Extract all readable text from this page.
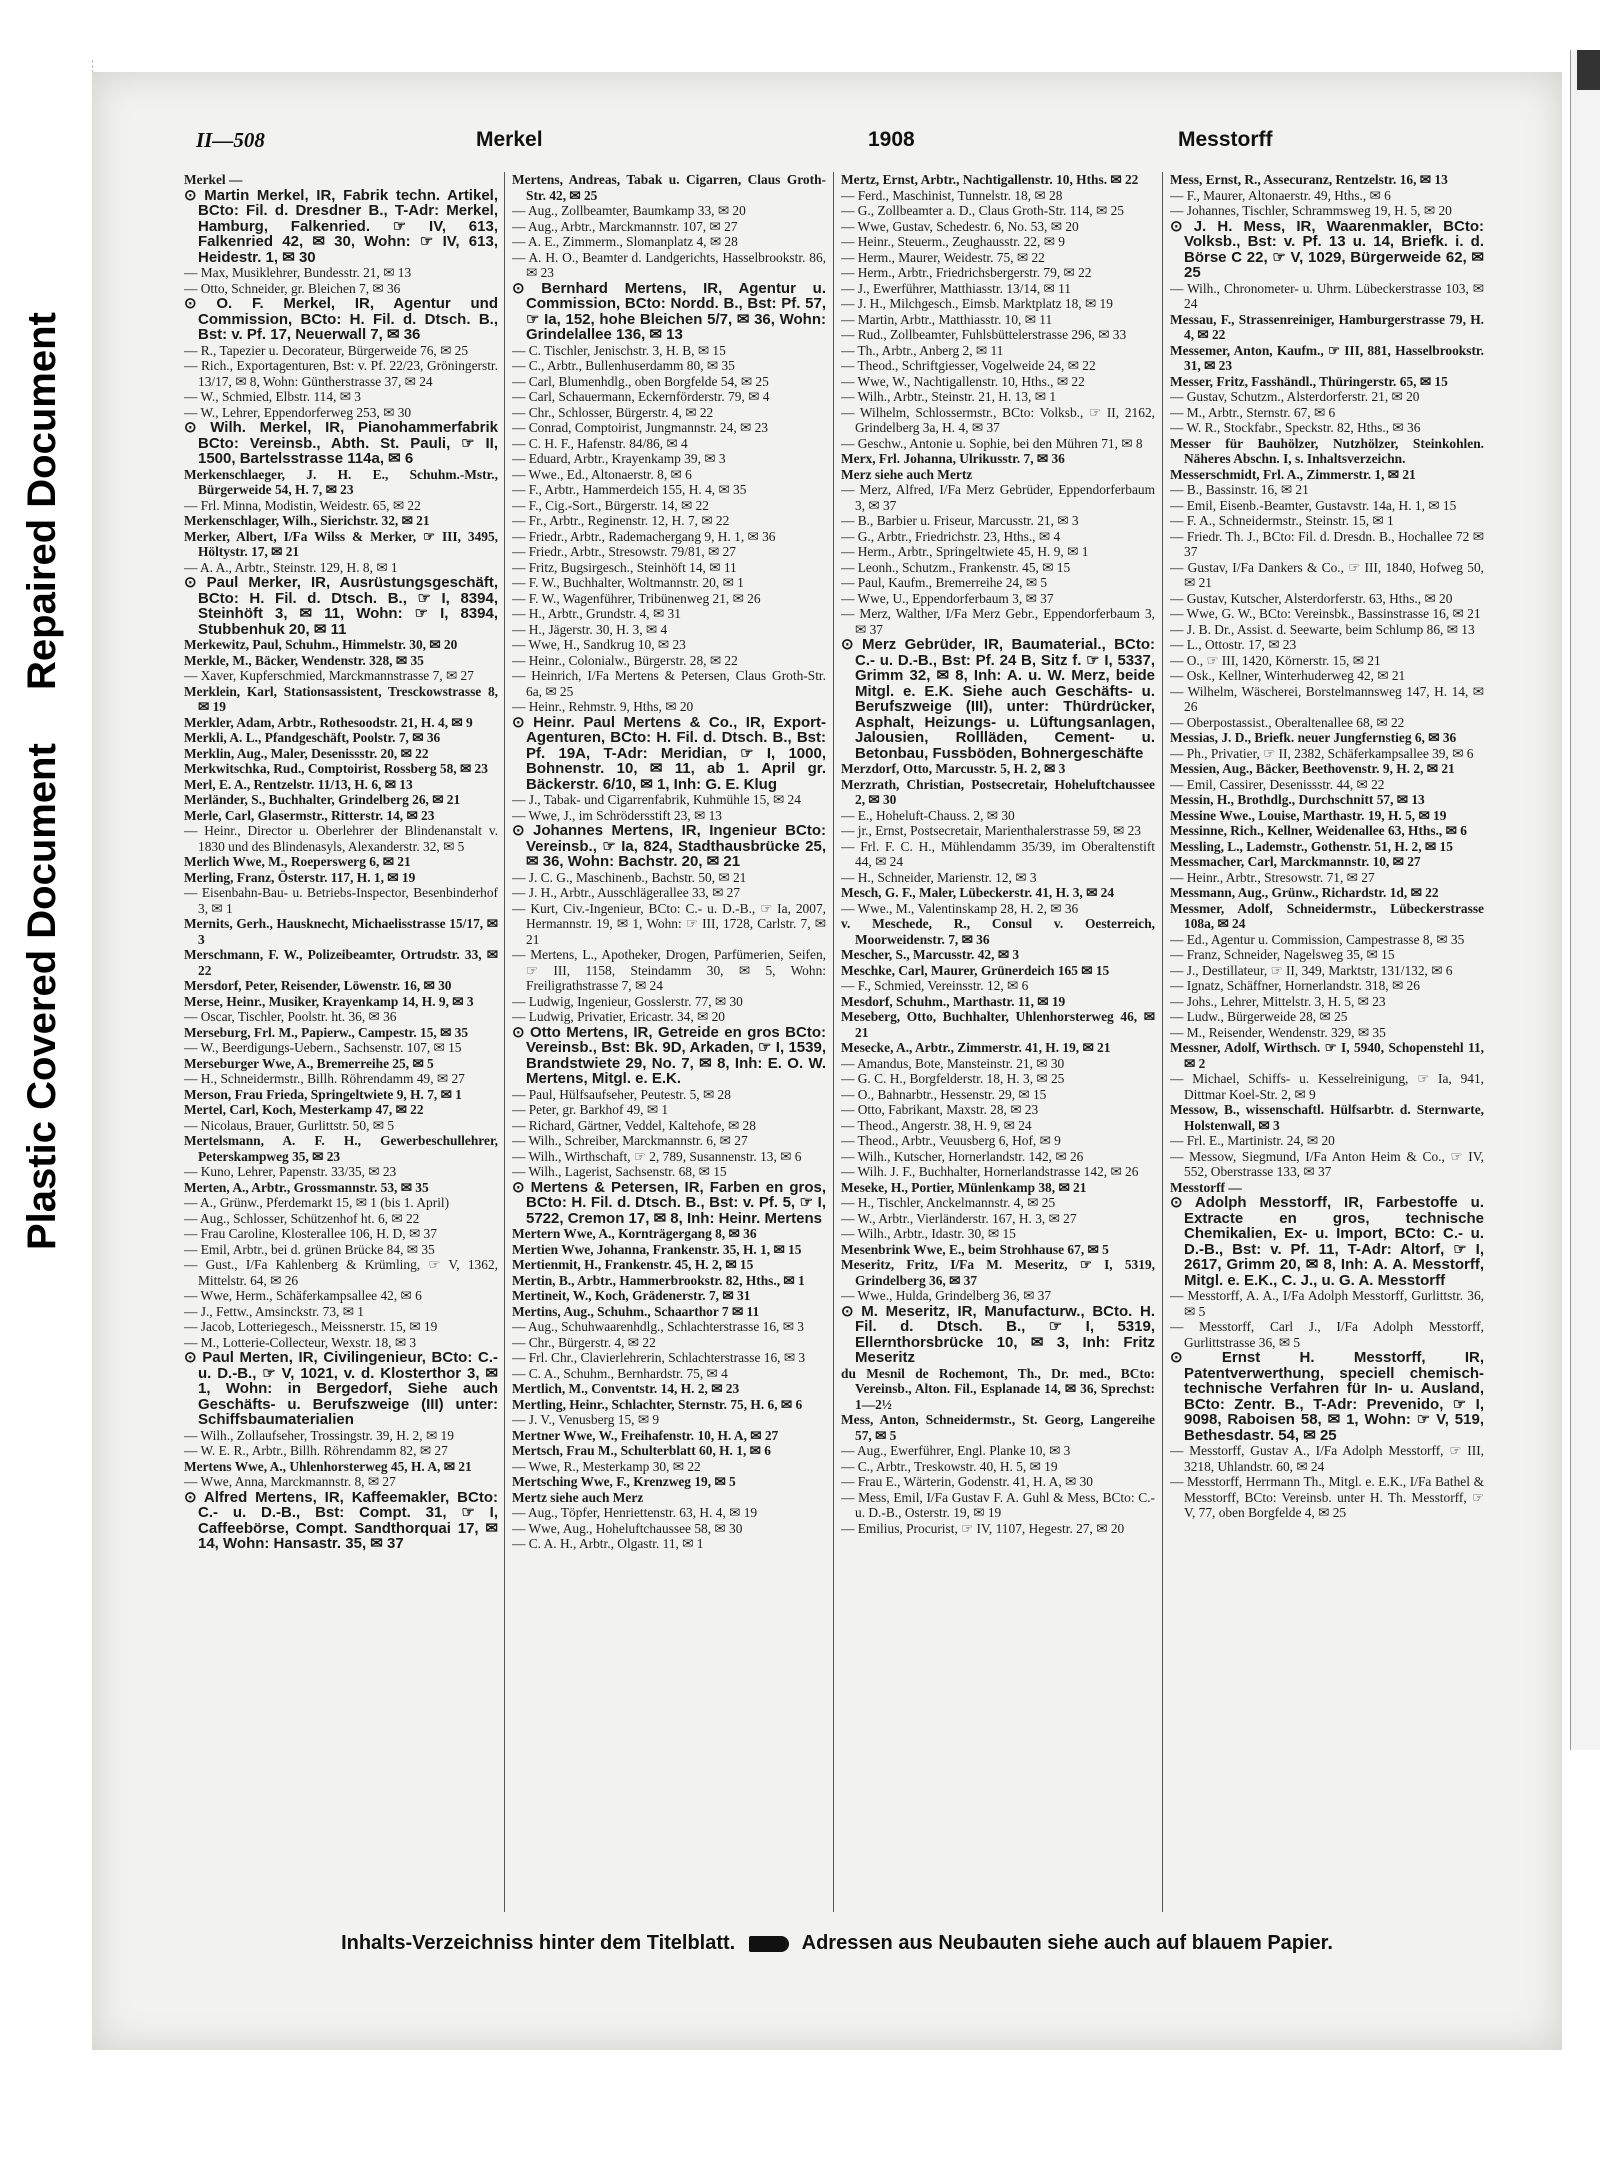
Repaired Document
Plastic Covered Document
II—508	Merkel	1908	Messtorff

Merkel —

⊙ Martin Merkel, IR, Fabrik techn. Artikel, BCto: Fil. d. Dresdner B., T-Adr: Merkel, Hamburg, Falkenried. ☞ IV, 613, Falkenried 42, ✉ 30, Wohn: ☞ IV, 613, Heidestr. 1, ✉ 30

— Max, Musiklehrer, Bundesstr. 21, ✉ 13

— Otto, Schneider, gr. Bleichen 7, ✉ 36

⊙ O. F. Merkel, IR, Agentur und Commission, BCto: H. Fil. d. Dtsch. B., Bst: v. Pf. 17, Neuerwall 7, ✉ 36

— R., Tapezier u. Decorateur, Bürgerweide 76, ✉ 25

— Rich., Exportagenturen, Bst: v. Pf. 22/23, Gröningerstr. 13/17, ✉ 8, Wohn: Güntherstrasse 37, ✉ 24

— W., Schmied, Elbstr. 114, ✉ 3

— W., Lehrer, Eppendorferweg 253, ✉ 30

⊙ Wilh. Merkel, IR, Pianohammerfabrik BCto: Vereinsb., Abth. St. Pauli, ☞ II, 1500, Bartelsstrasse 114a, ✉ 6

Merkenschlaeger, J. H. E., Schuhm.-Mstr., Bürgerweide 54, H. 7, ✉ 23

— Frl. Minna, Modistin, Weidestr. 65, ✉ 22

Merkenschlager, Wilh., Sierichstr. 32, ✉ 21

Merker, Albert, I/Fa Wilss & Merker, ☞ III, 3495, Höltystr. 17, ✉ 21

— A. A., Arbtr., Steinstr. 129, H. 8, ✉ 1

⊙ Paul Merker, IR, Ausrüstungsgeschäft, BCto: H. Fil. d. Dtsch. B., ☞ I, 8394, Steinhöft 3, ✉ 11, Wohn: ☞ I, 8394, Stubbenhuk 20, ✉ 11

Merkewitz, Paul, Schuhm., Himmelstr. 30, ✉ 20

Merkle, M., Bäcker, Wendenstr. 328, ✉ 35

— Xaver, Kupferschmied, Marckmannstrasse 7, ✉ 27

Merklein, Karl, Stationsassistent, Tresckowstrasse 8, ✉ 19

Merkler, Adam, Arbtr., Rothesoodstr. 21, H. 4, ✉ 9

Merkli, A. L., Pfandgeschäft, Poolstr. 7, ✉ 36

Merklin, Aug., Maler, Desenissstr. 20, ✉ 22

Merkwitschka, Rud., Comptoirist, Rossberg 58, ✉ 23

Merl, E. A., Rentzelstr. 11/13, H. 6, ✉ 13

Merländer, S., Buchhalter, Grindelberg 26, ✉ 21

Merle, Carl, Glasermstr., Ritterstr. 14, ✉ 23

— Heinr., Director u. Oberlehrer der Blindenanstalt v. 1830 und des Blindenasyls, Alexanderstr. 32, ✉ 5

Merlich Wwe, M., Roeperswerg 6, ✉ 21

Merling, Franz, Österstr. 117, H. 1, ✉ 19

— Eisenbahn-Bau- u. Betriebs-Inspector, Besenbinderhof 3, ✉ 1

Mernits, Gerh., Hausknecht, Michaelisstrasse 15/17, ✉ 3

Merschmann, F. W., Polizeibeamter, Ortrudstr. 33, ✉ 22

Mersdorf, Peter, Reisender, Löwenstr. 16, ✉ 30

Merse, Heinr., Musiker, Krayenkamp 14, H. 9, ✉ 3

— Oscar, Tischler, Poolstr. ht. 36, ✉ 36

Merseburg, Frl. M., Papierw., Campestr. 15, ✉ 35

— W., Beerdigungs-Uebern., Sachsenstr. 107, ✉ 15

Merseburger Wwe, A., Bremerreihe 25, ✉ 5

— H., Schneidermstr., Billh. Röhrendamm 49, ✉ 27

Merson, Frau Frieda, Springeltwiete 9, H. 7, ✉ 1

Mertel, Carl, Koch, Mesterkamp 47, ✉ 22

— Nicolaus, Brauer, Gurlittstr. 50, ✉ 5

Mertelsmann, A. F. H., Gewerbeschullehrer, Peterskampweg 35, ✉ 23

— Kuno, Lehrer, Papenstr. 33/35, ✉ 23

Merten, A., Arbtr., Grossmannstr. 53, ✉ 35

— A., Grünw., Pferdemarkt 15, ✉ 1 (bis 1. April)

— Aug., Schlosser, Schützenhof ht. 6, ✉ 22

— Frau Caroline, Klosterallee 106, H. D, ✉ 37

— Emil, Arbtr., bei d. grünen Brücke 84, ✉ 35

— Gust., I/Fa Kahlenberg & Krümling, ☞ V, 1362, Mittelstr. 64, ✉ 26

— Wwe, Herm., Schäferkampsallee 42, ✉ 6

— J., Fettw., Amsinckstr. 73, ✉ 1

— Jacob, Lotteriegesch., Meissnerstr. 15, ✉ 19

— M., Lotterie-Collecteur, Wexstr. 18, ✉ 3

⊙ Paul Merten, IR, Civilingenieur, BCto: C.- u. D.-B., ☞ V, 1021, v. d. Klosterthor 3, ✉ 1, Wohn: in Bergedorf, Siehe auch Geschäfts- u. Berufszweige (III) unter: Schiffsbaumaterialien

— Wilh., Zollaufseher, Trossingstr. 39, H. 2, ✉ 19

— W. E. R., Arbtr., Billh. Röhrendamm 82, ✉ 27

Mertens Wwe, A., Uhlenhorsterweg 45, H. A, ✉ 21

— Wwe, Anna, Marckmannstr. 8, ✉ 27

⊙ Alfred Mertens, IR, Kaffeemakler, BCto: C.- u. D.-B., Bst: Compt. 31, ☞ I, Caffeebörse, Compt. Sandthorquai 17, ✉ 14, Wohn: Hansastr. 35, ✉ 37

Mertens, Andreas, Tabak u. Cigarren, Claus Groth-Str. 42, ✉ 25

— Aug., Zollbeamter, Baumkamp 33, ✉ 20

— Aug., Arbtr., Marckmannstr. 107, ✉ 27

— A. E., Zimmerm., Slomanplatz 4, ✉ 28

— A. H. O., Beamter d. Landgerichts, Hasselbrookstr. 86, ✉ 23

⊙ Bernhard Mertens, IR, Agentur u. Commission, BCto: Nordd. B., Bst: Pf. 57, ☞ Ia, 152, hohe Bleichen 5/7, ✉ 36, Wohn: Grindelallee 136, ✉ 13

— C. Tischler, Jenischstr. 3, H. B, ✉ 15

— C., Arbtr., Bullenhuserdamm 80, ✉ 35

— Carl, Blumenhdlg., oben Borgfelde 54, ✉ 25

— Carl, Schauermann, Eckernförderstr. 79, ✉ 4

— Chr., Schlosser, Bürgerstr. 4, ✉ 22

— Conrad, Comptoirist, Jungmannstr. 24, ✉ 23

— C. H. F., Hafenstr. 84/86, ✉ 4

— Eduard, Arbtr., Krayenkamp 39, ✉ 3

— Wwe., Ed., Altonaerstr. 8, ✉ 6

— F., Arbtr., Hammerdeich 155, H. 4, ✉ 35

— F., Cig.-Sort., Bürgerstr. 14, ✉ 22

— Fr., Arbtr., Reginenstr. 12, H. 7, ✉ 22

— Friedr., Arbtr., Rademachergang 9, H. 1, ✉ 36

— Friedr., Arbtr., Stresowstr. 79/81, ✉ 27

— Fritz, Bugsirgesch., Steinhöft 14, ✉ 11

— F. W., Buchhalter, Woltmannstr. 20, ✉ 1

— F. W., Wagenführer, Tribünenweg 21, ✉ 26

— H., Arbtr., Grundstr. 4, ✉ 31

— H., Jägerstr. 30, H. 3, ✉ 4

— Wwe, H., Sandkrug 10, ✉ 23

— Heinr., Colonialw., Bürgerstr. 28, ✉ 22

— Heinrich, I/Fa Mertens & Petersen, Claus Groth-Str. 6a, ✉ 25

— Heinr., Rehmstr. 9, Hths, ✉ 20

⊙ Heinr. Paul Mertens & Co., IR, Export-Agenturen, BCto: H. Fil. d. Dtsch. B., Bst: Pf. 19A, T-Adr: Meridian, ☞ I, 1000, Bohnenstr. 10, ✉ 11, ab 1. April gr. Bäckerstr. 6/10, ✉ 1, Inh: G. E. Klug

— J., Tabak- und Cigarrenfabrik, Kuhmühle 15, ✉ 24

— Wwe, J., im Schrödersstift 23, ✉ 13

⊙ Johannes Mertens, IR, Ingenieur BCto: Vereinsb., ☞ Ia, 824, Stadthausbrücke 25, ✉ 36, Wohn: Bachstr. 20, ✉ 21

— J. C. G., Maschinenb., Bachstr. 50, ✉ 21

— J. H., Arbtr., Ausschlägerallee 33, ✉ 27

— Kurt, Civ.-Ingenieur, BCto: C.- u. D.-B., ☞ Ia, 2007, Hermannstr. 19, ✉ 1, Wohn: ☞ III, 1728, Carlstr. 7, ✉ 21

— Mertens, L., Apotheker, Drogen, Parfümerien, Seifen, ☞ III, 1158, Steindamm 30, ✉ 5, Wohn: Freiligrathstrasse 7, ✉ 24

— Ludwig, Ingenieur, Gosslerstr. 77, ✉ 30

— Ludwig, Privatier, Ericastr. 34, ✉ 20

⊙ Otto Mertens, IR, Getreide en gros BCto: Vereinsb., Bst: Bk. 9D, Arkaden, ☞ I, 1539, Brandstwiete 29, No. 7, ✉ 8, Inh: E. O. W. Mertens, Mitgl. e. E.K.

— Paul, Hülfsaufseher, Peutestr. 5, ✉ 28

— Peter, gr. Barkhof 49, ✉ 1

— Richard, Gärtner, Veddel, Kaltehofe, ✉ 28

— Wilh., Schreiber, Marckmannstr. 6, ✉ 27

— Wilh., Wirthschaft, ☞ 2, 789, Susannenstr. 13, ✉ 6

— Wilh., Lagerist, Sachsenstr. 68, ✉ 15

⊙ Mertens & Petersen, IR, Farben en gros, BCto: H. Fil. d. Dtsch. B., Bst: v. Pf. 5, ☞ I, 5722, Cremon 17, ✉ 8, Inh: Heinr. Mertens

Mertern Wwe, A., Kornträgergang 8, ✉ 36

Mertien Wwe, Johanna, Frankenstr. 35, H. 1, ✉ 15

Mertienmit, H., Frankenstr. 45, H. 2, ✉ 15

Mertin, B., Arbtr., Hammerbrookstr. 82, Hths., ✉ 1

Mertineit, W., Koch, Grädenerstr. 7, ✉ 31

Mertins, Aug., Schuhm., Schaarthor 7 ✉ 11

— Aug., Schuhwaarenhdlg., Schlachterstrasse 16, ✉ 3

— Chr., Bürgerstr. 4, ✉ 22

— Frl. Chr., Clavierlehrerin, Schlachterstrasse 16, ✉ 3

— C. A., Schuhm., Bernhardstr. 75, ✉ 4

Mertlich, M., Conventstr. 14, H. 2, ✉ 23

Mertling, Heinr., Schlachter, Sternstr. 75, H. 6, ✉ 6

— J. V., Venusberg 15, ✉ 9

Mertner Wwe, W., Freihafenstr. 10, H. A, ✉ 27

Mertsch, Frau M., Schulterblatt 60, H. 1, ✉ 6

— Wwe, R., Mesterkamp 30, ✉ 22

Mertsching Wwe, F., Krenzweg 19, ✉ 5

Mertz siehe auch Merz

— Aug., Töpfer, Henriettenstr. 63, H. 4, ✉ 19

— Wwe, Aug., Hoheluftchaussee 58, ✉ 30

— C. A. H., Arbtr., Olgastr. 11, ✉ 1

Mertz, Ernst, Arbtr., Nachtigallenstr. 10, Hths. ✉ 22

— Ferd., Maschinist, Tunnelstr. 18, ✉ 28

— G., Zollbeamter a. D., Claus Groth-Str. 114, ✉ 25

— Wwe, Gustav, Schedestr. 6, No. 53, ✉ 20

— Heinr., Steuerm., Zeughausstr. 22, ✉ 9

— Herm., Maurer, Weidestr. 75, ✉ 22

— Herm., Arbtr., Friedrichsbergerstr. 79, ✉ 22

— J., Ewerführer, Matthiasstr. 13/14, ✉ 11

— J. H., Milchgesch., Eimsb. Marktplatz 18, ✉ 19

— Martin, Arbtr., Matthiasstr. 10, ✉ 11

— Rud., Zollbeamter, Fuhlsbüttelerstrasse 296, ✉ 33

— Th., Arbtr., Anberg 2, ✉ 11

— Theod., Schriftgiesser, Vogelweide 24, ✉ 22

— Wwe, W., Nachtigallenstr. 10, Hths., ✉ 22

— Wilh., Arbtr., Steinstr. 21, H. 13, ✉ 1

— Wilhelm, Schlossermstr., BCto: Volksb., ☞ II, 2162, Grindelberg 3a, H. 4, ✉ 37

— Geschw., Antonie u. Sophie, bei den Mühren 71, ✉ 8

Merx, Frl. Johanna, Ulrikusstr. 7, ✉ 36

Merz siehe auch Mertz

— Merz, Alfred, I/Fa Merz Gebrüder, Eppendorferbaum 3, ✉ 37

— B., Barbier u. Friseur, Marcusstr. 21, ✉ 3

— G., Arbtr., Friedrichstr. 23, Hths., ✉ 4

— Herm., Arbtr., Springeltwiete 45, H. 9, ✉ 1

— Leonh., Schutzm., Frankenstr. 45, ✉ 15

— Paul, Kaufm., Bremerreihe 24, ✉ 5

— Wwe, U., Eppendorferbaum 3, ✉ 37

— Merz, Walther, I/Fa Merz Gebr., Eppendorferbaum 3, ✉ 37

⊙ Merz Gebrüder, IR, Baumaterial., BCto: C.- u. D.-B., Bst: Pf. 24 B, Sitz f. ☞ I, 5337, Grimm 32, ✉ 8, Inh: A. u. W. Merz, beide Mitgl. e. E.K. Siehe auch Geschäfts- u. Berufszweige (III), unter: Thürdrücker, Asphalt, Heizungs- u. Lüftungsanlagen, Jalousien, Rollläden, Cement- u. Betonbau, Fussböden, Bohnergeschäfte

Merzdorf, Otto, Marcusstr. 5, H. 2, ✉ 3

Merzrath, Christian, Postsecretair, Hoheluftchaussee 2, ✉ 30

— E., Hoheluft-Chauss. 2, ✉ 30

— jr., Ernst, Postsecretair, Marienthalerstrasse 59, ✉ 23

— Frl. F. C. H., Mühlendamm 35/39, im Oberaltenstift 44, ✉ 24

— H., Schneider, Marienstr. 12, ✉ 3

Mesch, G. F., Maler, Lübeckerstr. 41, H. 3, ✉ 24

— Wwe., M., Valentinskamp 28, H. 2, ✉ 36

v. Meschede, R., Consul v. Oesterreich, Moorweidenstr. 7, ✉ 36

Mescher, S., Marcusstr. 42, ✉ 3

Meschke, Carl, Maurer, Grünerdeich 165 ✉ 15

— F., Schmied, Vereinsstr. 12, ✉ 6

Mesdorf, Schuhm., Marthastr. 11, ✉ 19

Meseberg, Otto, Buchhalter, Uhlenhorsterweg 46, ✉ 21

Mesecke, A., Arbtr., Zimmerstr. 41, H. 19, ✉ 21

— Amandus, Bote, Mansteinstr. 21, ✉ 30

— G. C. H., Borgfelderstr. 18, H. 3, ✉ 25

— O., Bahnarbtr., Hessenstr. 29, ✉ 15

— Otto, Fabrikant, Maxstr. 28, ✉ 23

— Theod., Angerstr. 38, H. 9, ✉ 24

— Theod., Arbtr., Veuusberg 6, Hof, ✉ 9

— Wilh., Kutscher, Hornerlandstr. 142, ✉ 26

— Wilh. J. F., Buchhalter, Hornerlandstrasse 142, ✉ 26

Meseke, H., Portier, Münlenkamp 38, ✉ 21

— H., Tischler, Anckelmannstr. 4, ✉ 25

— W., Arbtr., Vierländerstr. 167, H. 3, ✉ 27

— Wilh., Arbtr., Idastr. 30, ✉ 15

Mesenbrink Wwe, E., beim Strohhause 67, ✉ 5

Meseritz, Fritz, I/Fa M. Meseritz, ☞ I, 5319, Grindelberg 36, ✉ 37

— Wwe., Hulda, Grindelberg 36, ✉ 37

⊙ M. Meseritz, IR, Manufacturw., BCto. H. Fil. d. Dtsch. B., ☞ I, 5319, Ellernthorsbrücke 10, ✉ 3, Inh: Fritz Meseritz

du Mesnil de Rochemont, Th., Dr. med., BCto: Vereinsb., Alton. Fil., Esplanade 14, ✉ 36, Sprechst: 1—2½

Mess, Anton, Schneidermstr., St. Georg, Langereihe 57, ✉ 5

— Aug., Ewerführer, Engl. Planke 10, ✉ 3

— C., Arbtr., Treskowstr. 40, H. 5, ✉ 19

— Frau E., Wärterin, Godenstr. 41, H. A, ✉ 30

— Mess, Emil, I/Fa Gustav F. A. Guhl & Mess, BCto: C.- u. D.-B., Osterstr. 19, ✉ 19

— Emilius, Procurist, ☞ IV, 1107, Hegestr. 27, ✉ 20

Mess, Ernst, R., Assecuranz, Rentzelstr. 16, ✉ 13

— F., Maurer, Altonaerstr. 49, Hths., ✉ 6

— Johannes, Tischler, Schrammsweg 19, H. 5, ✉ 20

⊙ J. H. Mess, IR, Waarenmakler, BCto: Volksb., Bst: v. Pf. 13 u. 14, Briefk. i. d. Börse C 22, ☞ V, 1029, Bürgerweide 62, ✉ 25

— Wilh., Chronometer- u. Uhrm. Lübeckerstrasse 103, ✉ 24

Messau, F., Strassenreiniger, Hamburgerstrasse 79, H. 4, ✉ 22

Messemer, Anton, Kaufm., ☞ III, 881, Hasselbrookstr. 31, ✉ 23

Messer, Fritz, Fasshändl., Thüringerstr. 65, ✉ 15

— Gustav, Schutzm., Alsterdorferstr. 21, ✉ 20

— M., Arbtr., Sternstr. 67, ✉ 6

— W. R., Stockfabr., Speckstr. 82, Hths., ✉ 36

Messer für Bauhölzer, Nutzhölzer, Steinkohlen. Näheres Abschn. I, s. Inhaltsverzeichn.

Messerschmidt, Frl. A., Zimmerstr. 1, ✉ 21

— B., Bassinstr. 16, ✉ 21

— Emil, Eisenb.-Beamter, Gustavstr. 14a, H. 1, ✉ 15

— F. A., Schneidermstr., Steinstr. 15, ✉ 1

— Friedr. Th. J., BCto: Fil. d. Dresdn. B., Hochallee 72 ✉ 37

— Gustav, I/Fa Dankers & Co., ☞ III, 1840, Hofweg 50, ✉ 21

— Gustav, Kutscher, Alsterdorferstr. 63, Hths., ✉ 20

— Wwe, G. W., BCto: Vereinsbk., Bassinstrasse 16, ✉ 21

— J. B. Dr., Assist. d. Seewarte, beim Schlump 86, ✉ 13

— L., Ottostr. 17, ✉ 23

— O., ☞ III, 1420, Körnerstr. 15, ✉ 21

— Osk., Kellner, Winterhuderweg 42, ✉ 21

— Wilhelm, Wäscherei, Borstelmannsweg 147, H. 14, ✉ 26

— Oberpostassist., Oberaltenallee 68, ✉ 22

Messias, J. D., Briefk. neuer Jungfernstieg 6, ✉ 36

— Ph., Privatier, ☞ II, 2382, Schäferkampsallee 39, ✉ 6

Messien, Aug., Bäcker, Beethovenstr. 9, H. 2, ✉ 21

— Emil, Cassirer, Desenissstr. 44, ✉ 22

Messin, H., Brothdlg., Durchschnitt 57, ✉ 13

Messine Wwe., Louise, Marthastr. 19, H. 5, ✉ 19

Messinne, Rich., Kellner, Weidenallee 63, Hths., ✉ 6

Messling, L., Lademstr., Gothenstr. 51, H. 2, ✉ 15

Messmacher, Carl, Marckmannstr. 10, ✉ 27

— Heinr., Arbtr., Stresowstr. 71, ✉ 27

Messmann, Aug., Grünw., Richardstr. 1d, ✉ 22

Messmer, Adolf, Schneidermstr., Lübeckerstrasse 108a, ✉ 24

— Ed., Agentur u. Commission, Campestrasse 8, ✉ 35

— Franz, Schneider, Nagelsweg 35, ✉ 15

— J., Destillateur, ☞ II, 349, Marktstr, 131/132, ✉ 6

— Ignatz, Schäffner, Hornerlandstr. 318, ✉ 26

— Johs., Lehrer, Mittelstr. 3, H. 5, ✉ 23

— Ludw., Bürgerweide 28, ✉ 25

— M., Reisender, Wendenstr. 329, ✉ 35

Messner, Adolf, Wirthsch. ☞ I, 5940, Schopenstehl 11, ✉ 2

— Michael, Schiffs- u. Kesselreinigung, ☞ Ia, 941, Dittmar Koel-Str. 2, ✉ 9

Messow, B., wissenschaftl. Hülfsarbtr. d. Sternwarte, Holstenwall, ✉ 3

— Frl. E., Martinistr. 24, ✉ 20

— Messow, Siegmund, I/Fa Anton Heim & Co., ☞ IV, 552, Oberstrasse 133, ✉ 37

Messtorff —

⊙ Adolph Messtorff, IR, Farbestoffe u. Extracte en gros, technische Chemikalien, Ex- u. Import, BCto: C.- u. D.-B., Bst: v. Pf. 11, T-Adr: Altorf, ☞ I, 2617, Grimm 20, ✉ 8, Inh: A. A. Messtorff, Mitgl. e. E.K., C. J., u. G. A. Messtorff

— Messtorff, A. A., I/Fa Adolph Messtorff, Gurlittstr. 36, ✉ 5

— Messtorff, Carl J., I/Fa Adolph Messtorff, Gurlittstrasse 36, ✉ 5

⊙ Ernst H. Messtorff, IR, Patentverwerthung, speciell chemisch-technische Verfahren für In- u. Ausland, BCto: Zentr. B., T-Adr: Prevenido, ☞ I, 9098, Raboisen 58, ✉ 1, Wohn: ☞ V, 519, Bethesdastr. 54, ✉ 25

— Messtorff, Gustav A., I/Fa Adolph Messtorff, ☞ III, 3218, Uhlandstr. 60, ✉ 24

— Messtorff, Herrmann Th., Mitgl. e. E.K., I/Fa Bathel & Messtorff, BCto: Vereinsb. unter H. Th. Messtorff, ☞ V, 77, oben Borgfelde 4, ✉ 25

Inhalts-Verzeichniss hinter dem Titelblatt.	Adressen aus Neubauten siehe auch auf blauem Papier.
